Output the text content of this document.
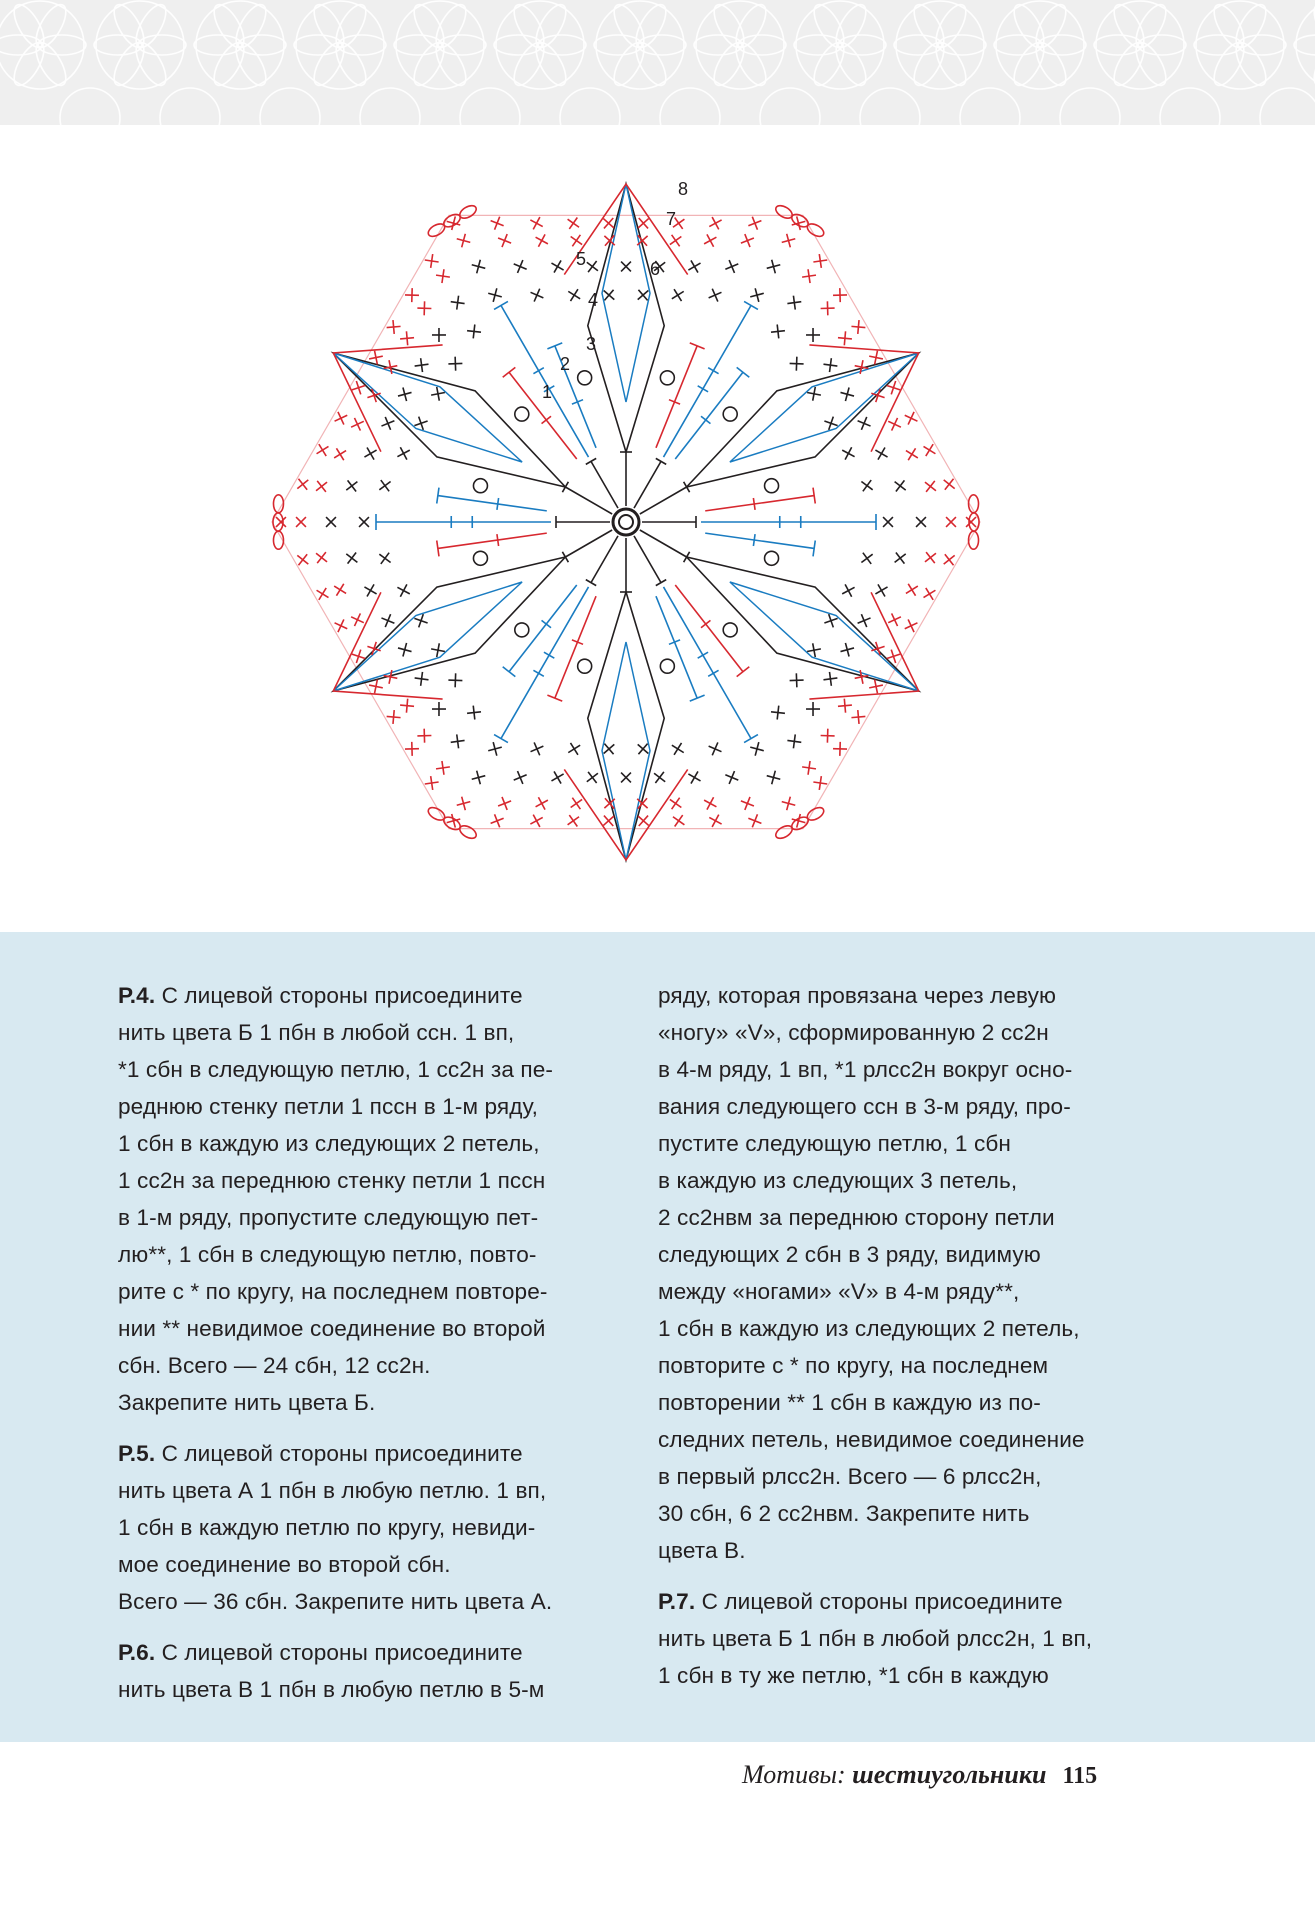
1
2
3
4
5	6
7
8
Р.4. С лицевой стороны присоедините
нить цвета Б 1 пбн в любой ссн. 1 вп,
*1 сбн в следующую петлю, 1 сс2н за пе-
реднюю стенку петли 1 пссн в 1-м ряду,
1 сбн в каждую из следующих 2 петель,
1 сс2н за переднюю стенку петли 1 пссн
в 1-м ряду, пропустите следующую пет-
лю**, 1 сбн в следующую петлю, повто-
рите с * по кругу, на последнем повторе-
нии ** невидимое соединение во второй
сбн. Всего — 24 сбн, 12 сс2н.
Закрепите нить цвета Б.
Р.5. С лицевой стороны присоедините
нить цвета А 1 пбн в любую петлю. 1 вп,
1 сбн в каждую петлю по кругу, невиди-
мое соединение во второй сбн.
Всего — 36 сбн. Закрепите нить цвета А.
Р.6. С лицевой стороны присоедините
нить цвета В 1 пбн в любую петлю в 5-м
ряду, которая провязана через левую
«ногу» «V», сформированную 2 сс2н
в 4-м ряду, 1 вп, *1 рлсс2н вокруг осно-
вания следующего ссн в 3-м ряду, про-
пустите следующую петлю, 1 сбн
в каждую из следующих 3 петель,
2 сс2нвм за переднюю сторону петли
следующих 2 сбн в 3 ряду, видимую
между «ногами» «V» в 4-м ряду**,
1 сбн в каждую из следующих 2 петель,
повторите с * по кругу, на последнем
повторении ** 1 сбн в каждую из по-
следних петель, невидимое соединение
в первый рлсс2н. Всего — 6 рлсс2н,
30 сбн, 6 2 сс2нвм. Закрепите нить
цвета В.
Р.7. С лицевой стороны присоедините
нить цвета Б 1 пбн в любой рлсс2н, 1 вп,
1 сбн в ту же петлю, *1 сбн в каждую
Мотивы: шестиугольники 115
